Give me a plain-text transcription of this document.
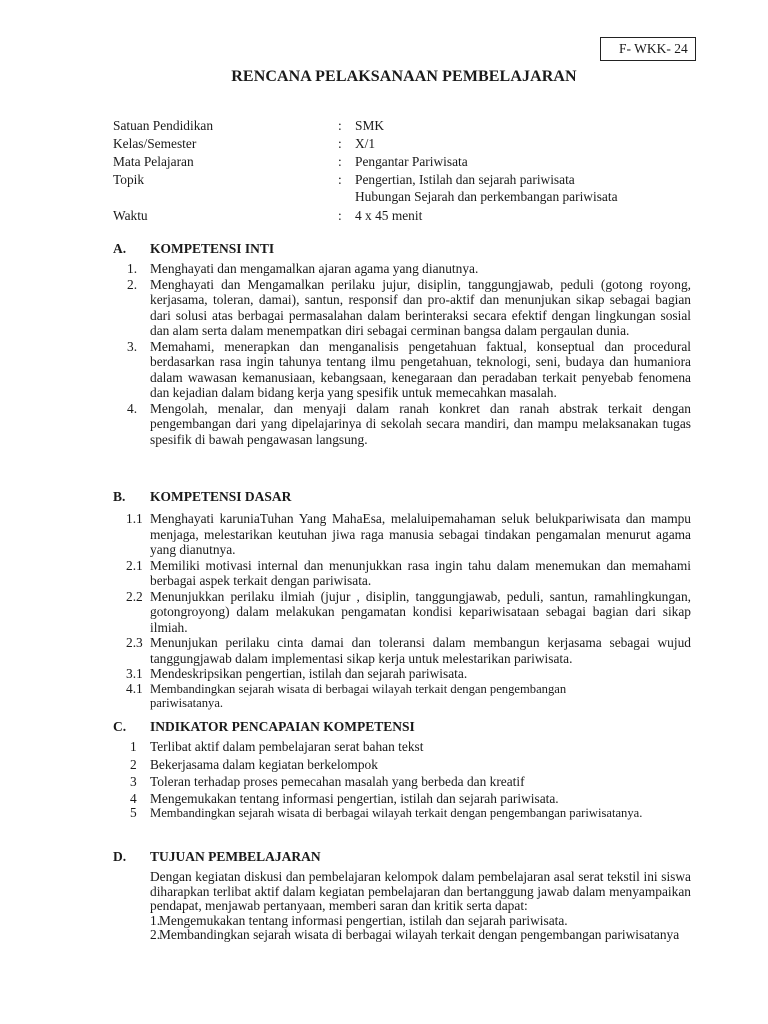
F- WKK- 24
RENCANA PELAKSANAAN PEMBELAJARAN
Satuan Pendidikan	: SMK
Kelas/Semester	: X/1
Mata Pelajaran	: Pengantar Pariwisata
Topik	: Pengertian, Istilah dan sejarah pariwisata
Hubungan Sejarah dan perkembangan pariwisata
Waktu	: 4 x 45 menit
A.	KOMPETENSI INTI
1. Menghayati dan mengamalkan ajaran agama yang dianutnya.
2. Menghayati dan Mengamalkan perilaku jujur, disiplin, tanggungjawab, peduli (gotong royong, kerjasama, toleran, damai), santun, responsif dan pro-aktif dan menunjukan sikap sebagai bagian dari solusi atas berbagai permasalahan dalam berinteraksi secara efektif dengan lingkungan sosial dan alam serta dalam menempatkan diri sebagai cerminan bangsa dalam pergaulan dunia.
3. Memahami, menerapkan dan menganalisis pengetahuan faktual, konseptual dan procedural berdasarkan rasa ingin tahunya tentang ilmu pengetahuan, teknologi, seni, budaya dan humaniora dalam wawasan kemanusiaan, kebangsaan, kenegaraan dan peradaban terkait penyebab fenomena dan kejadian dalam bidang kerja yang spesifik untuk memecahkan masalah.
4. Mengolah, menalar, dan menyaji dalam ranah konkret dan ranah abstrak terkait dengan pengembangan dari yang dipelajarinya di sekolah secara mandiri, dan mampu melaksanakan tugas spesifik di bawah pengawasan langsung.
B.	KOMPETENSI DASAR
1.1 Menghayati karuniaTuhan Yang MahaEsa, melaluipemahaman seluk belukpariwisata dan mampu menjaga, melestarikan keutuhan jiwa raga manusia sebagai tindakan pengamalan menurut agama yang dianutnya.
2.1 Memiliki motivasi internal dan menunjukkan rasa ingin tahu dalam menemukan dan memahami berbagai aspek terkait dengan pariwisata.
2.2 Menunjukkan perilaku ilmiah (jujur , disiplin, tanggungjawab, peduli, santun, ramahlingkungan, gotongroyong) dalam melakukan pengamatan kondisi kepariwisataan sebagai bagian dari sikap ilmiah.
2.3 Menunjukan perilaku cinta damai dan toleransi dalam membangun kerjasama sebagai wujud tanggungjawab dalam implementasi sikap kerja untuk melestarikan pariwisata.
3.1 Mendeskripsikan pengertian, istilah dan sejarah pariwisata.
4.1 Membandingkan sejarah wisata di berbagai wilayah terkait dengan pengembangan pariwisatanya.
C.	INDIKATOR PENCAPAIAN KOMPETENSI
1 Terlibat aktif dalam pembelajaran serat bahan tekst
2 Bekerjasama dalam kegiatan berkelompok
3 Toleran terhadap proses pemecahan masalah yang berbeda dan kreatif
4 Mengemukakan tentang informasi pengertian, istilah dan sejarah pariwisata.
5	Membandingkan sejarah wisata di berbagai wilayah terkait dengan pengembangan pariwisatanya.
D.	TUJUAN PEMBELAJARAN
Dengan kegiatan diskusi dan pembelajaran kelompok dalam pembelajaran asal serat tekstil ini siswa diharapkan terlibat aktif dalam kegiatan pembelajaran dan bertanggung jawab dalam menyampaikan pendapat, menjawab pertanyaan, memberi saran dan kritik serta dapat:
1.
Mengemukakan tentang informasi pengertian, istilah dan sejarah pariwisata.
2.
Membandingkan sejarah wisata di berbagai wilayah terkait dengan pengembangan pariwisatanya
